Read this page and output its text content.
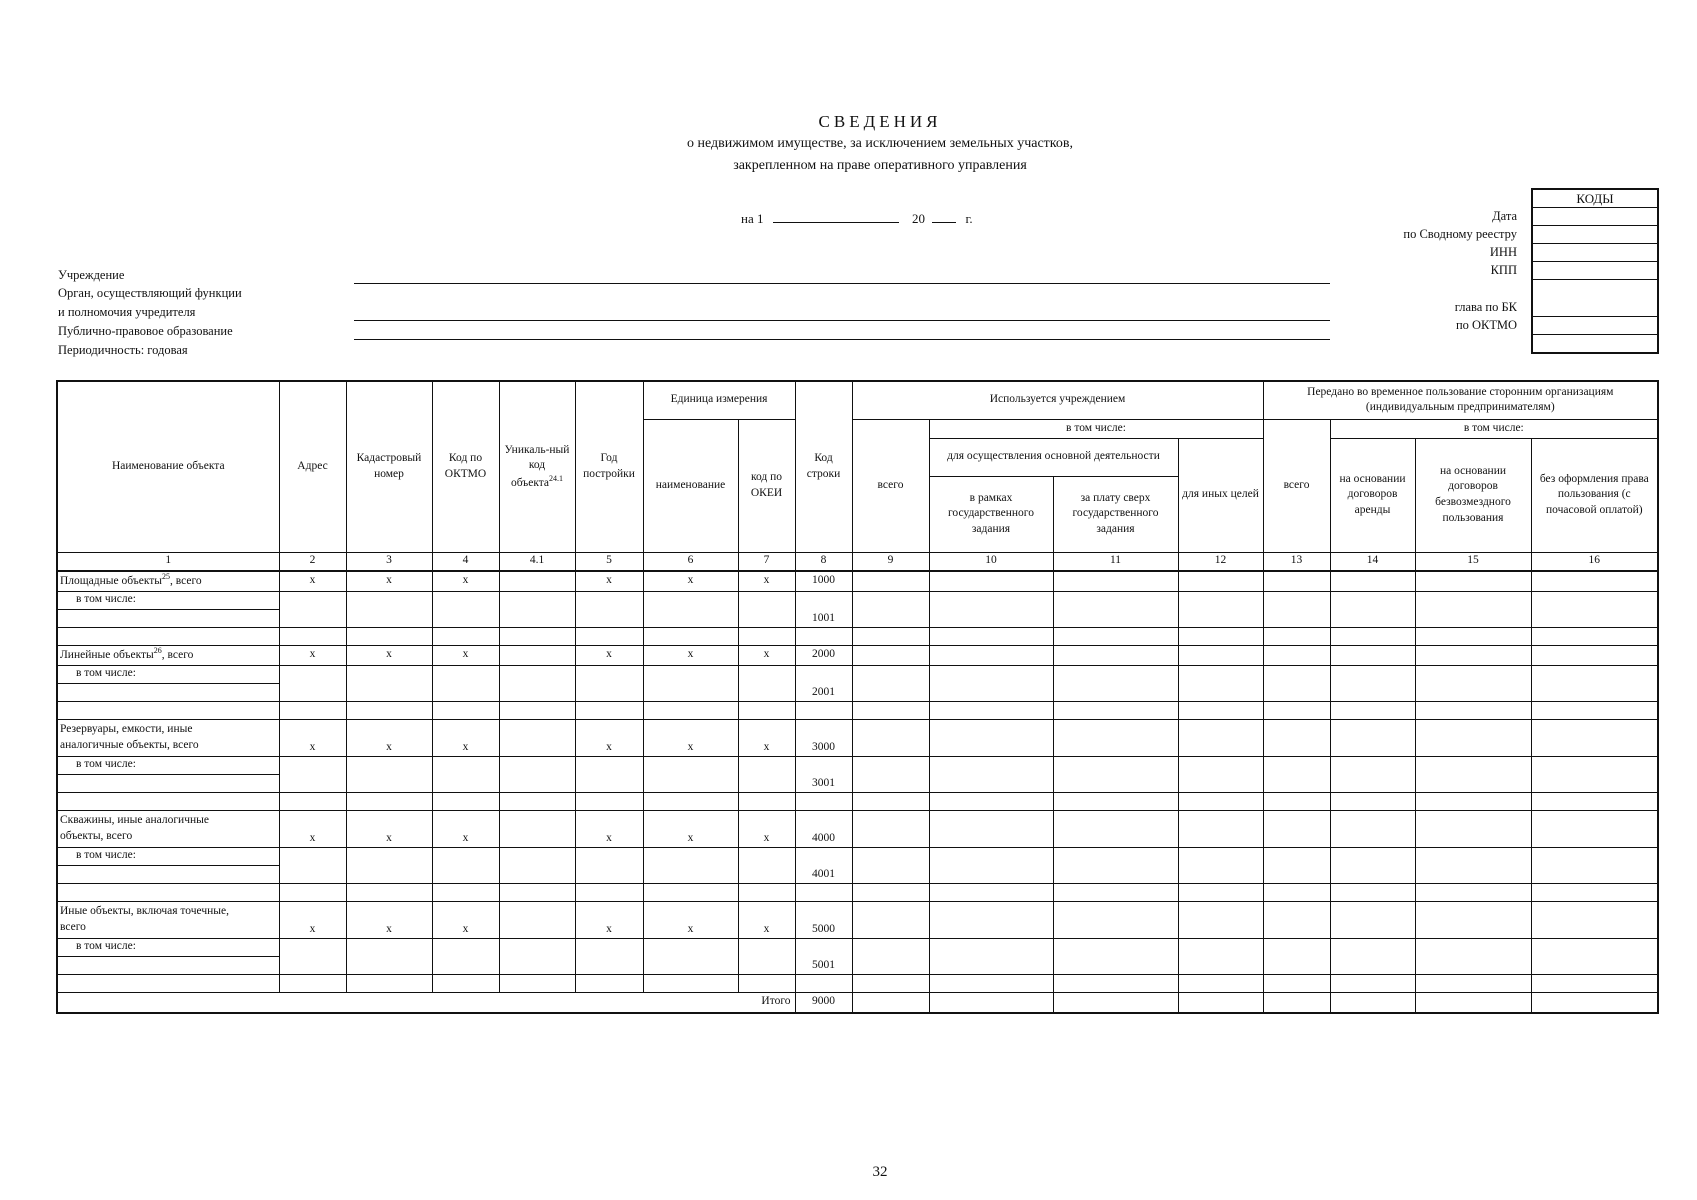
СВЕДЕНИЯ
о недвижимом имуществе, за исключением земельных участков,
закрепленном на праве оперативного управления
на 1	20	г.
КОДЫ
Дата
по Сводному реестру
ИНН
КПП
глава по БК
по ОКТМО
Учреждение
Орган, осуществляющий функции
и полномочия учредителя
Публично-правовое образование
Периодичность: годовая
Наименование объекта	Адрес	Кадастровый номер	Код по ОКТМО	Уникаль-ный код объекта$^{24.1}$	Год постройки	Единица измерения		Код строки	Используется учреждением				Передано во временное пользование сторонним организациям (индивидуальным предпринимателям)			
						наименование	код по ОКЕИ		всего	в том числе:			всего	в том числе:		
										для осуществления основной деятельности		для иных целей		на основании договоров аренды	на основании договоров безвозмездного пользования	без оформления права пользования (с почасовой оплатой)
										в рамках государственного задания	за плату сверх государственного задания					
1	2	3	4	4.1	5	6	7	8	9	10	11	12	13	14	15	16
Площадные объекты$^{25}$, всего	х	х	х		х	х	х	1000								
в том числе:								1001								

Линейные объекты$^{26}$, всего	х	х	х		х	х	х	2000								
в том числе:								2001								

Резервуары, емкости, иные
аналогичные объекты, всего	х	х	х		х	х	х	3000								
в том числе:								3001								

Скважины, иные аналогичные
объекты, всего	х	х	х		х	х	х	4000								
в том числе:								4001								

Иные объекты, включая точечные,
всего	х	х	х		х	х	х	5000								
в том числе:								5001								

Итого								9000								
32
